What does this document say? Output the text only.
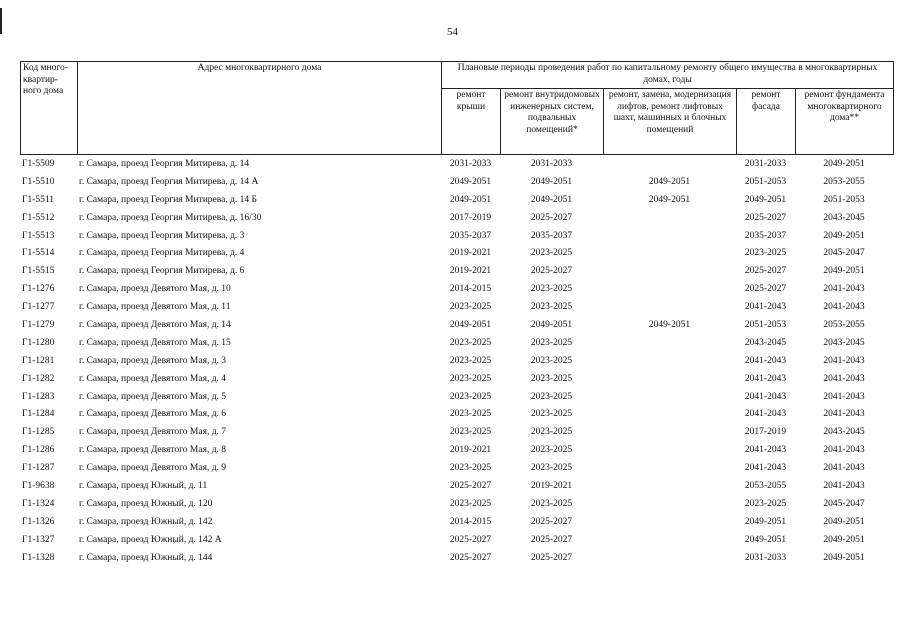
54
Код много-квартир-ного дома	Адрес многоквартирного дома	Плановые периоды проведения работ по капитальному ремонту общего имущества в многоквартирных домах, годы				
		ремонт крыши	ремонт внутридомовых инженерных систем, подвальных помещений*	ремонт, замена, модернизация лифтов, ремонт лифтовых шахт, машинных и блочных помещений	ремонт фасада	ремонт фундамента многоквартирного дома**
Г1-5509	г. Самара, проезд Георгия Митирева, д. 14	2031-2033	2031-2033		2031-2033	2049-2051
Г1-5510	г. Самара, проезд Георгия Митирева, д. 14 А	2049-2051	2049-2051	2049-2051	2051-2053	2053-2055
Г1-5511	г. Самара, проезд Георгия Митирева, д. 14 Б	2049-2051	2049-2051	2049-2051	2049-2051	2051-2053
Г1-5512	г. Самара, проезд Георгия Митирева, д. 16/30	2017-2019	2025-2027		2025-2027	2043-2045
Г1-5513	г. Самара, проезд Георгия Митирева, д. 3	2035-2037	2035-2037		2035-2037	2049-2051
Г1-5514	г. Самара, проезд Георгия Митирева, д. 4	2019-2021	2023-2025		2023-2025	2045-2047
Г1-5515	г. Самара, проезд Георгия Митирева, д. 6	2019-2021	2025-2027		2025-2027	2049-2051
Г1-1276	г. Самара, проезд Девятого Мая, д. 10	2014-2015	2023-2025		2025-2027	2041-2043
Г1-1277	г. Самара, проезд Девятого Мая, д. 11	2023-2025	2023-2025		2041-2043	2041-2043
Г1-1279	г. Самара, проезд Девятого Мая, д. 14	2049-2051	2049-2051	2049-2051	2051-2053	2053-2055
Г1-1280	г. Самара, проезд Девятого Мая, д. 15	2023-2025	2023-2025		2043-2045	2043-2045
Г1-1281	г. Самара, проезд Девятого Мая, д. 3	2023-2025	2023-2025		2041-2043	2041-2043
Г1-1282	г. Самара, проезд Девятого Мая, д. 4	2023-2025	2023-2025		2041-2043	2041-2043
Г1-1283	г. Самара, проезд Девятого Мая, д. 5	2023-2025	2023-2025		2041-2043	2041-2043
Г1-1284	г. Самара, проезд Девятого Мая, д. 6	2023-2025	2023-2025		2041-2043	2041-2043
Г1-1285	г. Самара, проезд Девятого Мая, д. 7	2023-2025	2023-2025		2017-2019	2043-2045
Г1-1286	г. Самара, проезд Девятого Мая, д. 8	2019-2021	2023-2025		2041-2043	2041-2043
Г1-1287	г. Самара, проезд Девятого Мая, д. 9	2023-2025	2023-2025		2041-2043	2041-2043
Г1-9638	г. Самара, проезд Южный, д. 11	2025-2027	2019-2021		2053-2055	2041-2043
Г1-1324	г. Самара, проезд Южный, д. 120	2023-2025	2023-2025		2023-2025	2045-2047
Г1-1326	г. Самара, проезд Южный, д. 142	2014-2015	2025-2027		2049-2051	2049-2051
Г1-1327	г. Самара, проезд Южный, д. 142 А	2025-2027	2025-2027		2049-2051	2049-2051
Г1-1328	г. Самара, проезд Южный, д. 144	2025-2027	2025-2027		2031-2033	2049-2051
